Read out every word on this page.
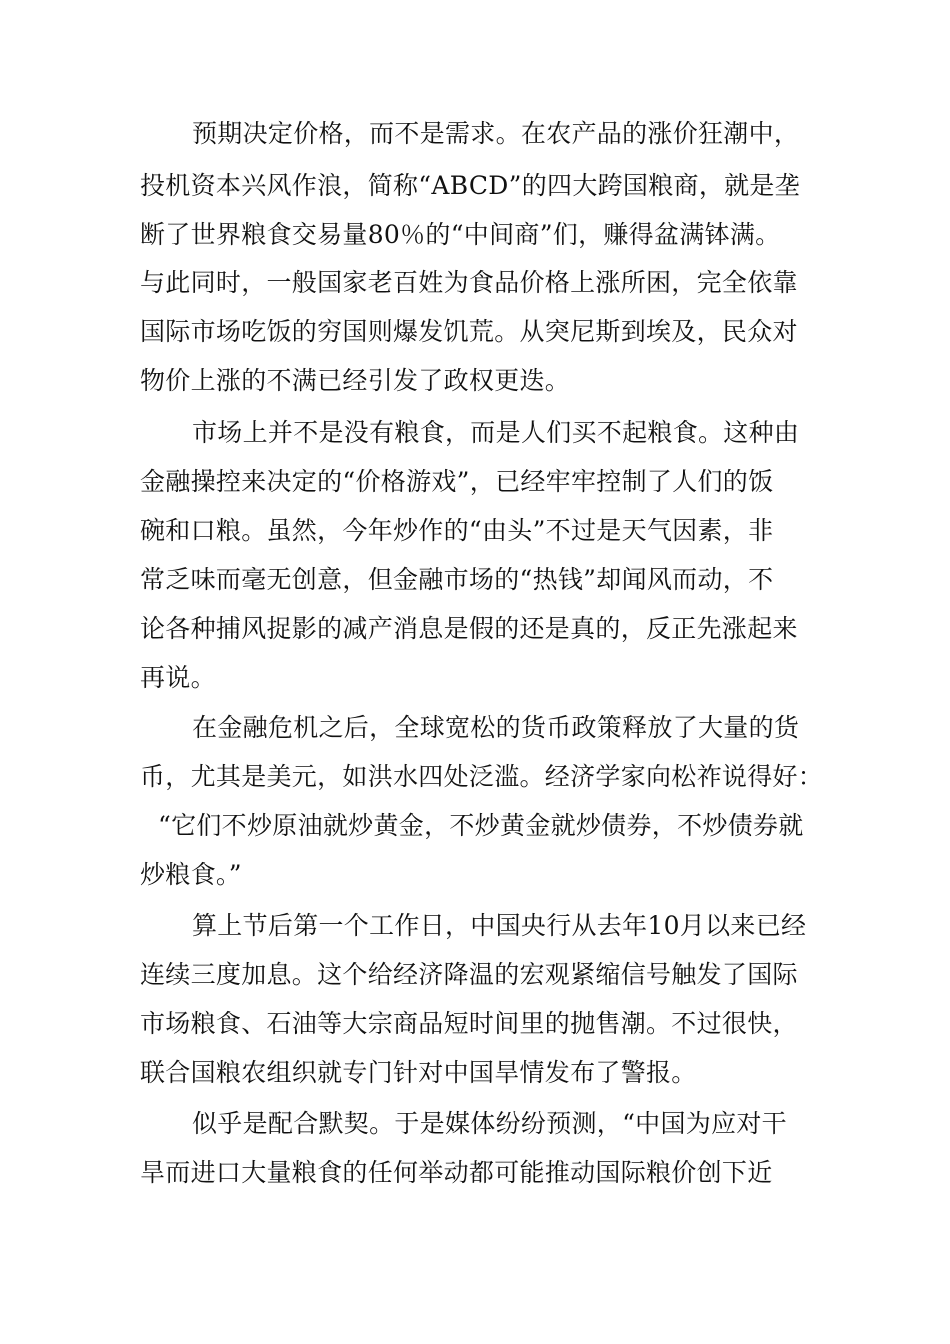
预期决定价格，而不是需求。在农产品的涨价狂潮中，
投机资本兴风作浪，简称“ABCD”的四大跨国粮商，就是垄
断了世界粮食交易量80％的“中间商”们，赚得盆满钵满。
与此同时，一般国家老百姓为食品价格上涨所困，完全依靠
国际市场吃饭的穷国则爆发饥荒。从突尼斯到埃及，民众对
物价上涨的不满已经引发了政权更迭。
市场上并不是没有粮食，而是人们买不起粮食。这种由
金融操控来决定的“价格游戏”，已经牢牢控制了人们的饭
碗和口粮。虽然，今年炒作的“由头”不过是天气因素，非
常乏味而毫无创意，但金融市场的“热钱”却闻风而动，不
论各种捕风捉影的减产消息是假的还是真的，反正先涨起来
再说。
在金融危机之后，全球宽松的货币政策释放了大量的货
币，尤其是美元，如洪水四处泛滥。经济学家向松祚说得好：
“它们不炒原油就炒黄金，不炒黄金就炒债券，不炒债券就
炒粮食。”
算上节后第一个工作日，中国央行从去年10月以来已经
连续三度加息。这个给经济降温的宏观紧缩信号触发了国际
市场粮食、石油等大宗商品短时间里的抛售潮。不过很快，
联合国粮农组织就专门针对中国旱情发布了警报。
似乎是配合默契。于是媒体纷纷预测，“中国为应对干
旱而进口大量粮食的任何举动都可能推动国际粮价创下近
